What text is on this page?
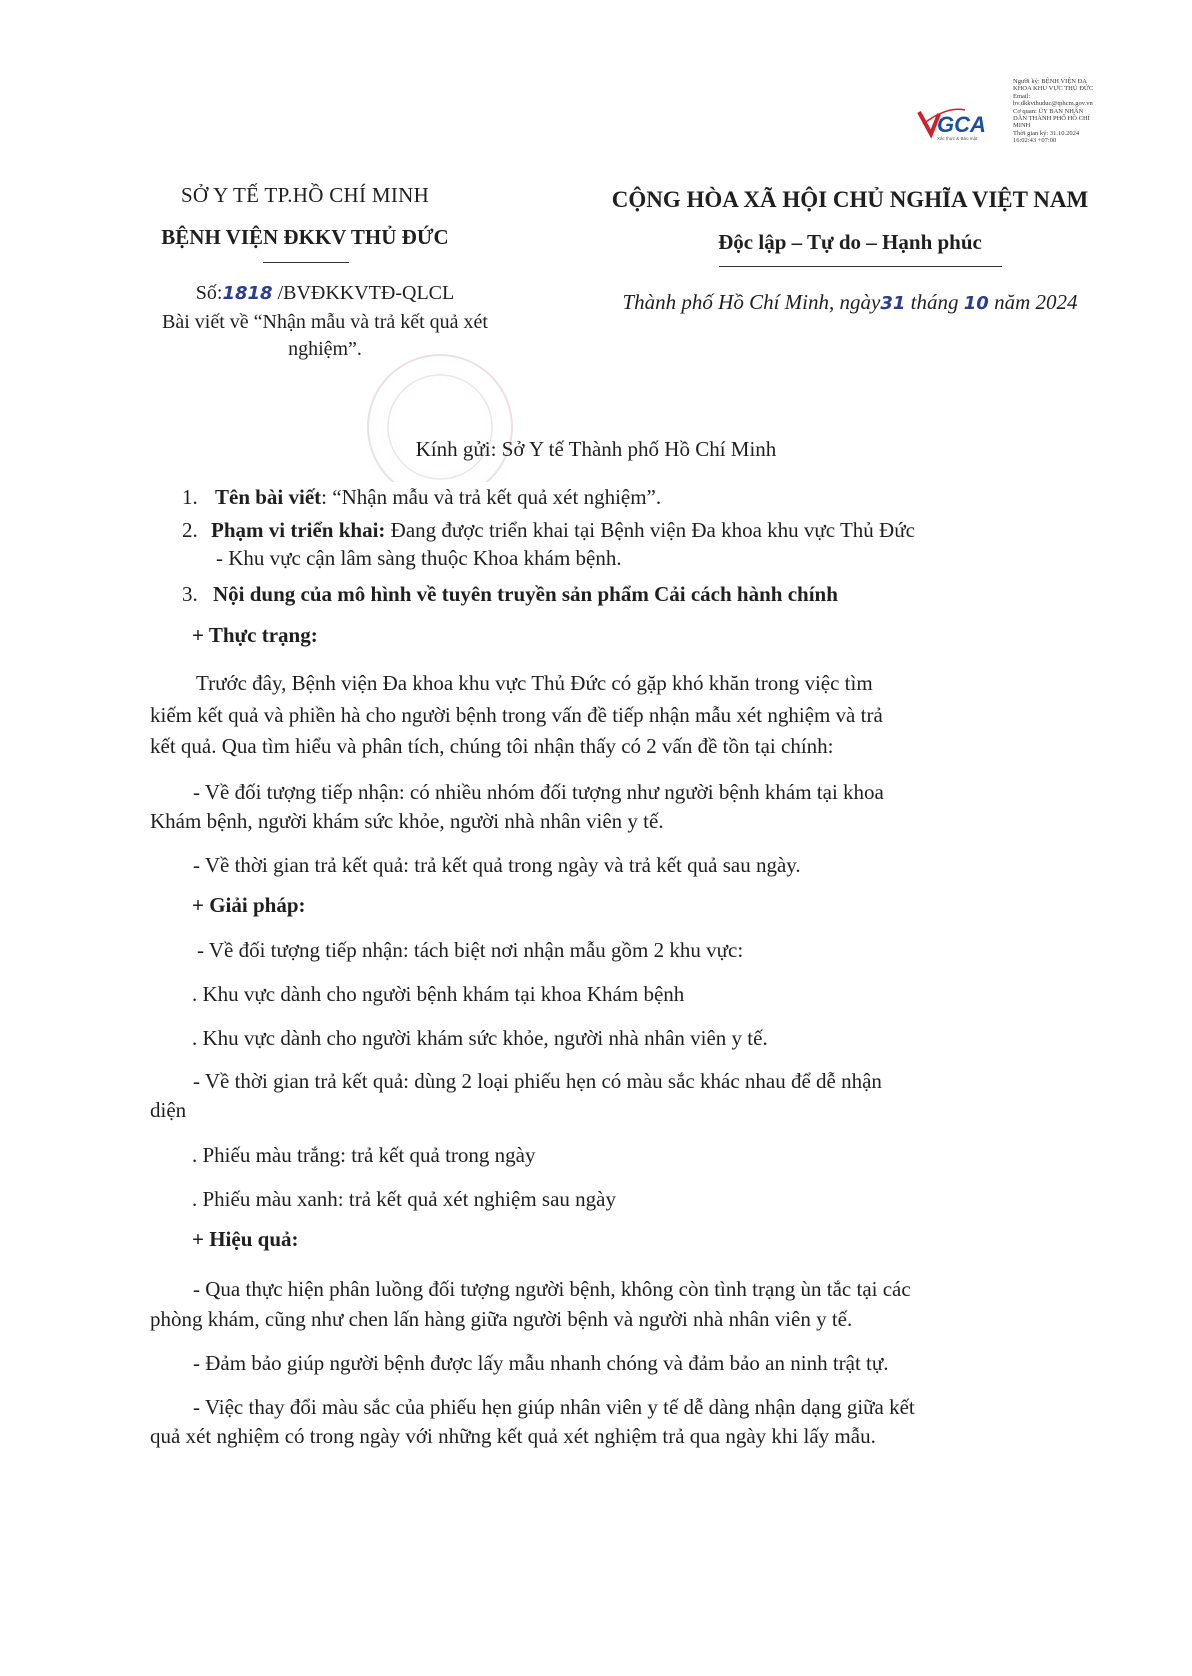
GCA
Xác thực & Bảo mật
Người ký: BỆNH VIỆN ĐA
KHOA KHU VỰC THỦ ĐỨC
Email:
bv.dkkvthuduc@tphcm.gov.vn
Cơ quan: ỦY BAN NHÂN
DÂN THÀNH PHỐ HỒ CHÍ
MINH
Thời gian ký: 31.10.2024
16:02:43 +07:00
SỞ Y TẾ TP.HỒ CHÍ MINH
BỆNH VIỆN ĐKKV THỦ ĐỨC
CỘNG HÒA XÃ HỘI CHỦ NGHĨA VIỆT NAM
Độc lập – Tự do – Hạnh phúc
Số:1818 /BVĐKKVTĐ-QLCL
Bài viết về “Nhận mẫu và trả kết quả xét
nghiệm”.
Thành phố Hồ Chí Minh, ngày31 tháng 10 năm 2024
Kính gửi: Sở Y tế Thành phố Hồ Chí Minh
1. Tên bài viết: “Nhận mẫu và trả kết quả xét nghiệm”.
2. Phạm vi triển khai: Đang được triển khai tại Bệnh viện Đa khoa khu vực Thủ Đức
- Khu vực cận lâm sàng thuộc Khoa khám bệnh.
3. Nội dung của mô hình về tuyên truyền sản phẩm Cải cách hành chính
+ Thực trạng:
Trước đây, Bệnh viện Đa khoa khu vực Thủ Đức có gặp khó khăn trong việc tìm
kiếm kết quả và phiền hà cho người bệnh trong vấn đề tiếp nhận mẫu xét nghiệm và trả
kết quả. Qua tìm hiểu và phân tích, chúng tôi nhận thấy có 2 vấn đề tồn tại chính:
- Về đối tượng tiếp nhận: có nhiều nhóm đối tượng như người bệnh khám tại khoa
Khám bệnh, người khám sức khỏe, người nhà nhân viên y tế.
- Về thời gian trả kết quả: trả kết quả trong ngày và trả kết quả sau ngày.
+ Giải pháp:
- Về đối tượng tiếp nhận: tách biệt nơi nhận mẫu gồm 2 khu vực:
. Khu vực dành cho người bệnh khám tại khoa Khám bệnh
. Khu vực dành cho người khám sức khỏe, người nhà nhân viên y tế.
- Về thời gian trả kết quả: dùng 2 loại phiếu hẹn có màu sắc khác nhau để dễ nhận
diện
. Phiếu màu trắng: trả kết quả trong ngày
. Phiếu màu xanh: trả kết quả xét nghiệm sau ngày
+ Hiệu quả:
- Qua thực hiện phân luồng đối tượng người bệnh, không còn tình trạng ùn tắc tại các
phòng khám, cũng như chen lấn hàng giữa người bệnh và người nhà nhân viên y tế.
- Đảm bảo giúp người bệnh được lấy mẫu nhanh chóng và đảm bảo an ninh trật tự.
- Việc thay đổi màu sắc của phiếu hẹn giúp nhân viên y tế dễ dàng nhận dạng giữa kết
quả xét nghiệm có trong ngày với những kết quả xét nghiệm trả qua ngày khi lấy mẫu.
